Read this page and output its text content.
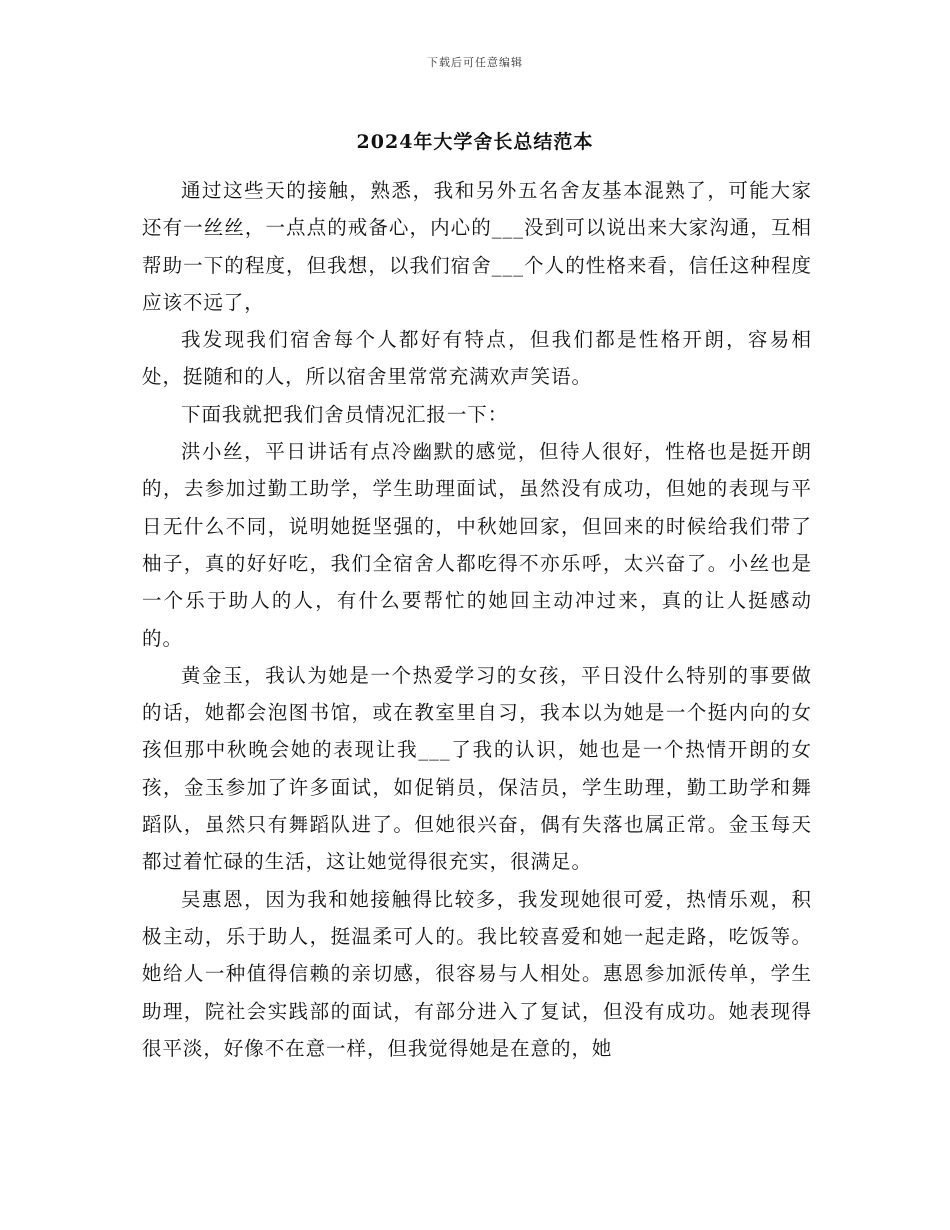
下载后可任意编辑
2024年大学舍长总结范本

通过这些天的接触，熟悉，我和另外五名舍友基本混熟了，可能大家还有一丝丝，一点点的戒备心，内心的___没到可以说出来大家沟通，互相帮助一下的程度，但我想，以我们宿舍___个人的性格来看，信任这种程度应该不远了，

我发现我们宿舍每个人都好有特点，但我们都是性格开朗，容易相处，挺随和的人，所以宿舍里常常充满欢声笑语。

下面我就把我们舍员情况汇报一下：

洪小丝，平日讲话有点冷幽默的感觉，但待人很好，性格也是挺开朗的，去参加过勤工助学，学生助理面试，虽然没有成功，但她的表现与平日无什么不同，说明她挺坚强的，中秋她回家，但回来的时候给我们带了柚子，真的好好吃，我们全宿舍人都吃得不亦乐呼，太兴奋了。小丝也是一个乐于助人的人，有什么要帮忙的她回主动冲过来，真的让人挺感动的。

黄金玉，我认为她是一个热爱学习的女孩，平日没什么特别的事要做的话，她都会泡图书馆，或在教室里自习，我本以为她是一个挺内向的女孩但那中秋晚会她的表现让我___了我的认识，她也是一个热情开朗的女孩，金玉参加了许多面试，如促销员，保洁员，学生助理，勤工助学和舞蹈队，虽然只有舞蹈队进了。但她很兴奋，偶有失落也属正常。金玉每天都过着忙碌的生活，这让她觉得很充实，很满足。

吴惠恩，因为我和她接触得比较多，我发现她很可爱，热情乐观，积极主动，乐于助人，挺温柔可人的。我比较喜爱和她一起走路，吃饭等。她给人一种值得信赖的亲切感，很容易与人相处。惠恩参加派传单，学生助理，院社会实践部的面试，有部分进入了复试，但没有成功。她表现得很平淡，好像不在意一样，但我觉得她是在意的，她
